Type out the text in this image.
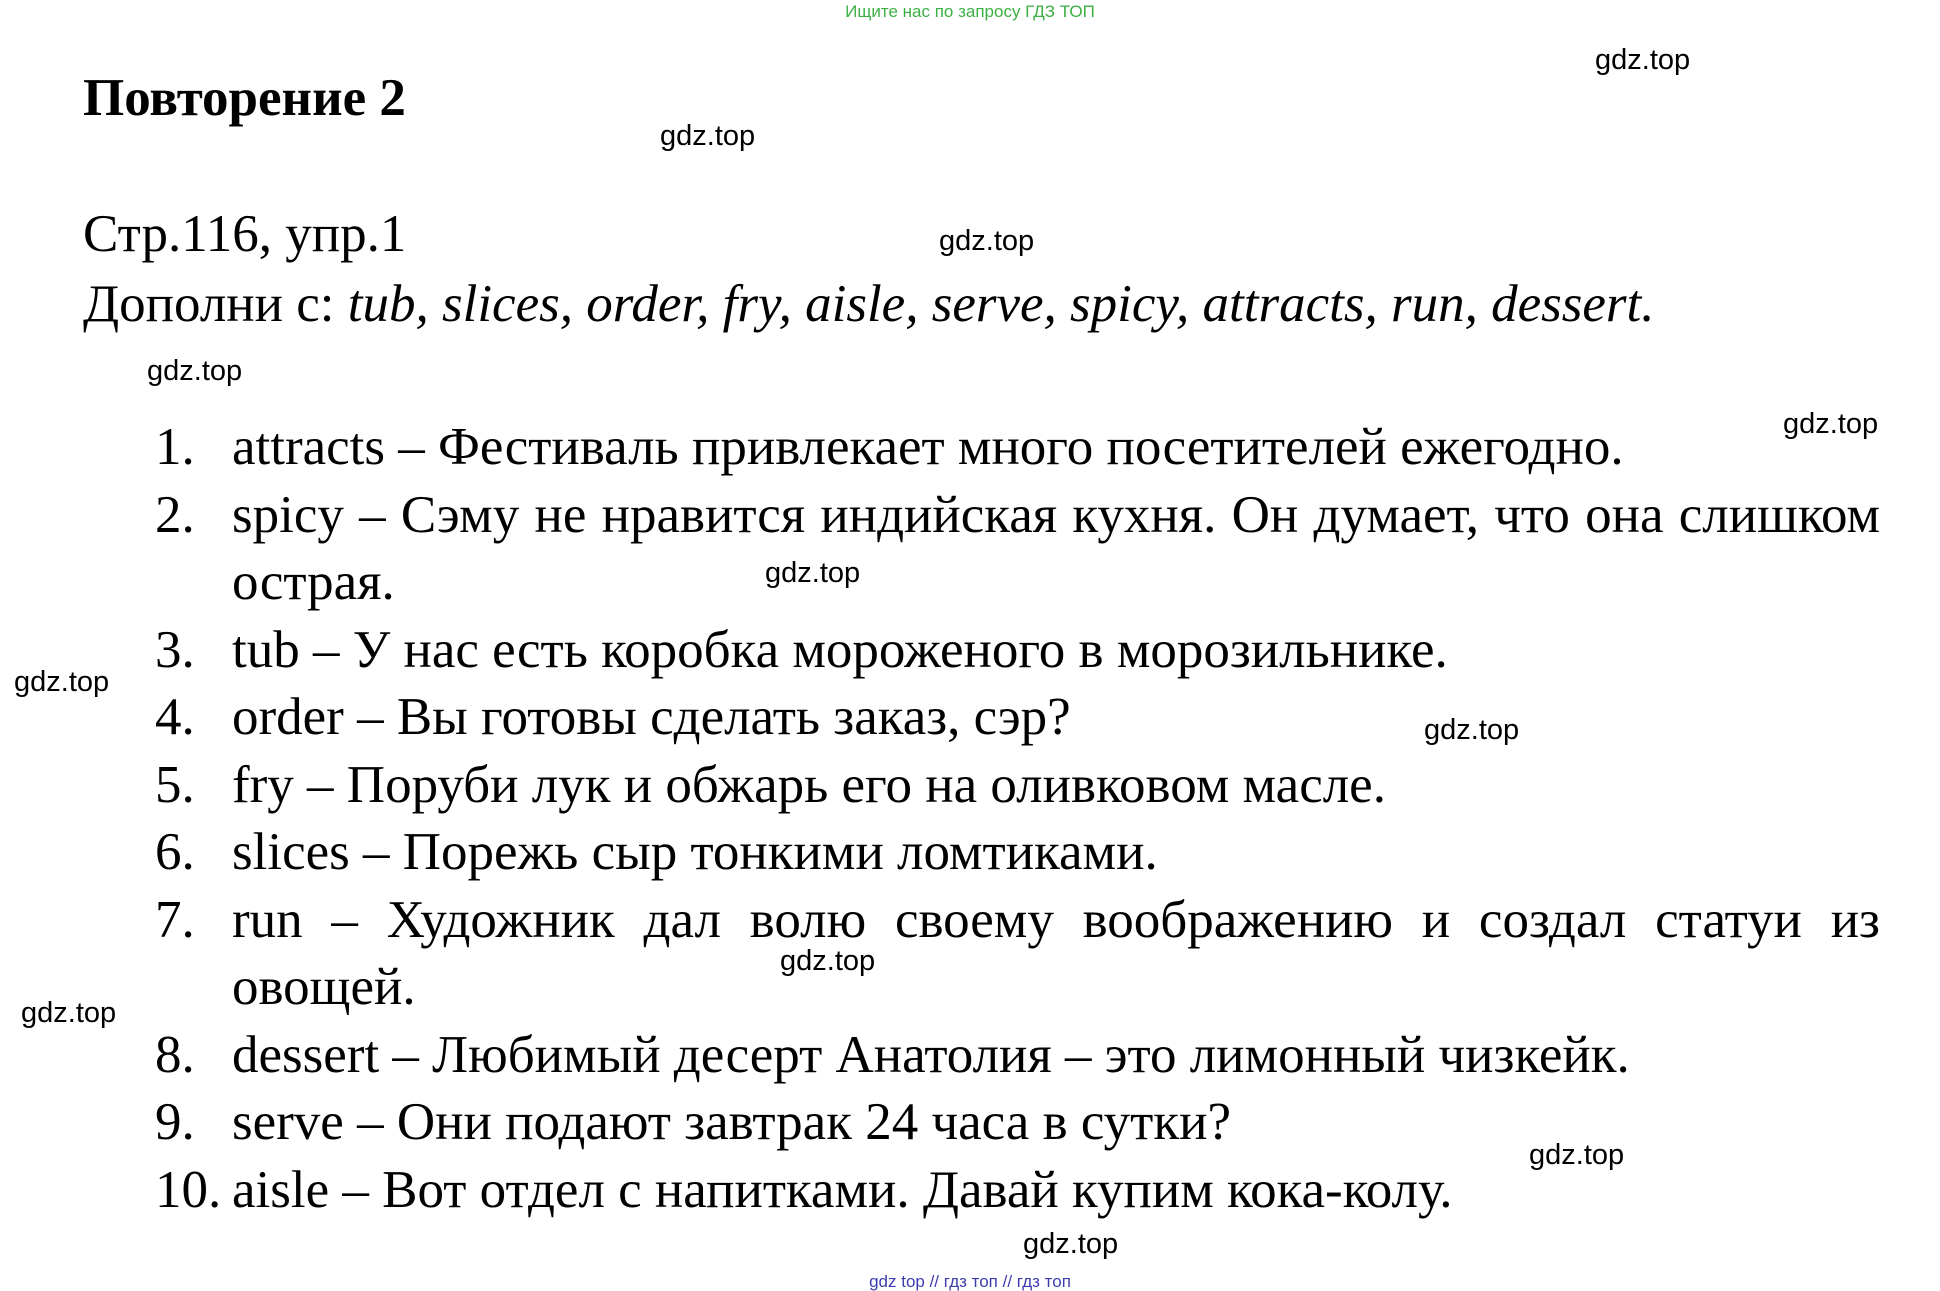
Ищите нас по запросу ГДЗ ТОП
Повторение 2
Стр.116, упр.1
Дополни с: tub, slices, order, fry, aisle, serve, spicy, attracts, run, dessert.
1. attracts – Фестиваль привлекает много посетителей ежегодно.
2. spicy – Сэму не нравится индийская кухня. Он думает, что она слишком острая.
3. tub – У нас есть коробка мороженого в морозильнике.
4. order – Вы готовы сделать заказ, сэр?
5. fry – Поруби лук и обжарь его на оливковом масле.
6. slices – Порежь сыр тонкими ломтиками.
7. run – Художник дал волю своему воображению и создал статуи из овощей.
8. dessert – Любимый десерт Анатолия – это лимонный чизкейк.
9. serve – Они подают завтрак 24 часа в сутки?
10. aisle – Вот отдел с напитками. Давай купим кока-колу.
gdz.top
gdz.top
gdz.top
gdz.top
gdz.top
gdz.top
gdz.top
gdz.top
gdz.top
gdz.top
gdz.top
gdz.top
gdz top // гдз топ // гдз топ
